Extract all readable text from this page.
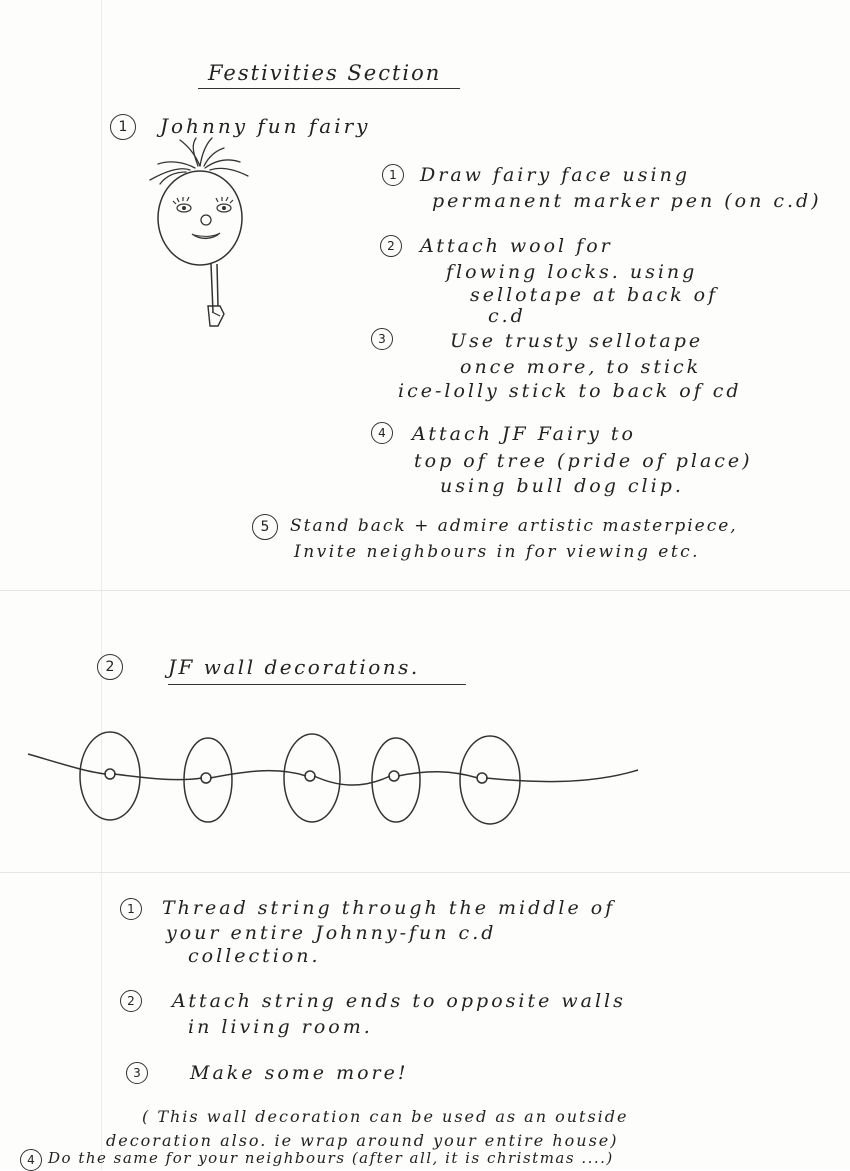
Festivities Section
1	Johnny fun fairy
1	Draw fairy face using
permanent marker pen (on c.d)
2	Attach wool for
flowing locks. using
sellotape at back of
c.d
3	Use trusty sellotape
once more, to stick
ice-lolly stick to back of cd
4	Attach JF Fairy to
top of tree (pride of place)
using bull dog clip.
5	Stand back + admire artistic masterpiece,
Invite neighbours in for viewing etc.
2	JF wall decorations.
1	Thread string through the middle of
your entire Johnny-fun c.d
collection.
2	Attach string ends to opposite walls
in living room.
3	Make some more!
( This wall decoration can be used as an outside
decoration also. ie wrap around your entire house)
4 Do the same for your neighbours (after all, it is christmas ....)
